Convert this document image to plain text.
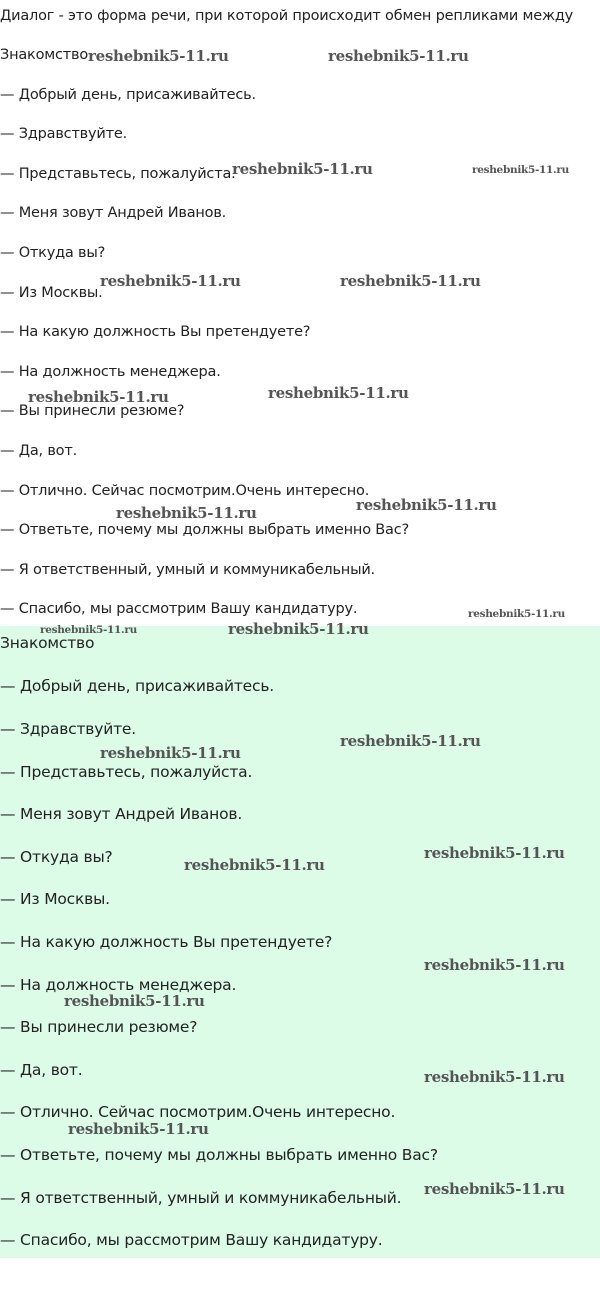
Диалог - это форма речи, при которой происходит обмен репликами между
Знакомство
— Добрый день, присаживайтесь.
— Здравствуйте.
— Представьтесь, пожалуйста.
— Меня зовут Андрей Иванов.
— Откуда вы?
— Из Москвы.
— На какую должность Вы претендуете?
— На должность менеджера.
— Вы принесли резюме?
— Да, вот.
— Отлично. Сейчас посмотрим.Очень интересно.
— Ответьте, почему мы должны выбрать именно Вас?
— Я ответственный, умный и коммуникабельный.
— Спасибо, мы рассмотрим Вашу кандидатуру.
Знакомство
— Добрый день, присаживайтесь.
— Здравствуйте.
— Представьтесь, пожалуйста.
— Меня зовут Андрей Иванов.
— Откуда вы?
— Из Москвы.
— На какую должность Вы претендуете?
— На должность менеджера.
— Вы принесли резюме?
— Да, вот.
— Отлично. Сейчас посмотрим.Очень интересно.
— Ответьте, почему мы должны выбрать именно Вас?
— Я ответственный, умный и коммуникабельный.
— Спасибо, мы рассмотрим Вашу кандидатуру.
reshebnik5-11.ru	reshebnik5-11.ru
reshebnik5-11.ru	reshebnik5-11.ru
reshebnik5-11.ru	reshebnik5-11.ru
reshebnik5-11.ru
reshebnik5-11.ru
reshebnik5-11.ru
reshebnik5-11.ru
reshebnik5-11.ru
reshebnik5-11.ru	reshebnik5-11.ru
reshebnik5-11.ru
reshebnik5-11.ru
reshebnik5-11.ru
reshebnik5-11.ru
reshebnik5-11.ru
reshebnik5-11.ru
reshebnik5-11.ru
reshebnik5-11.ru
reshebnik5-11.ru
